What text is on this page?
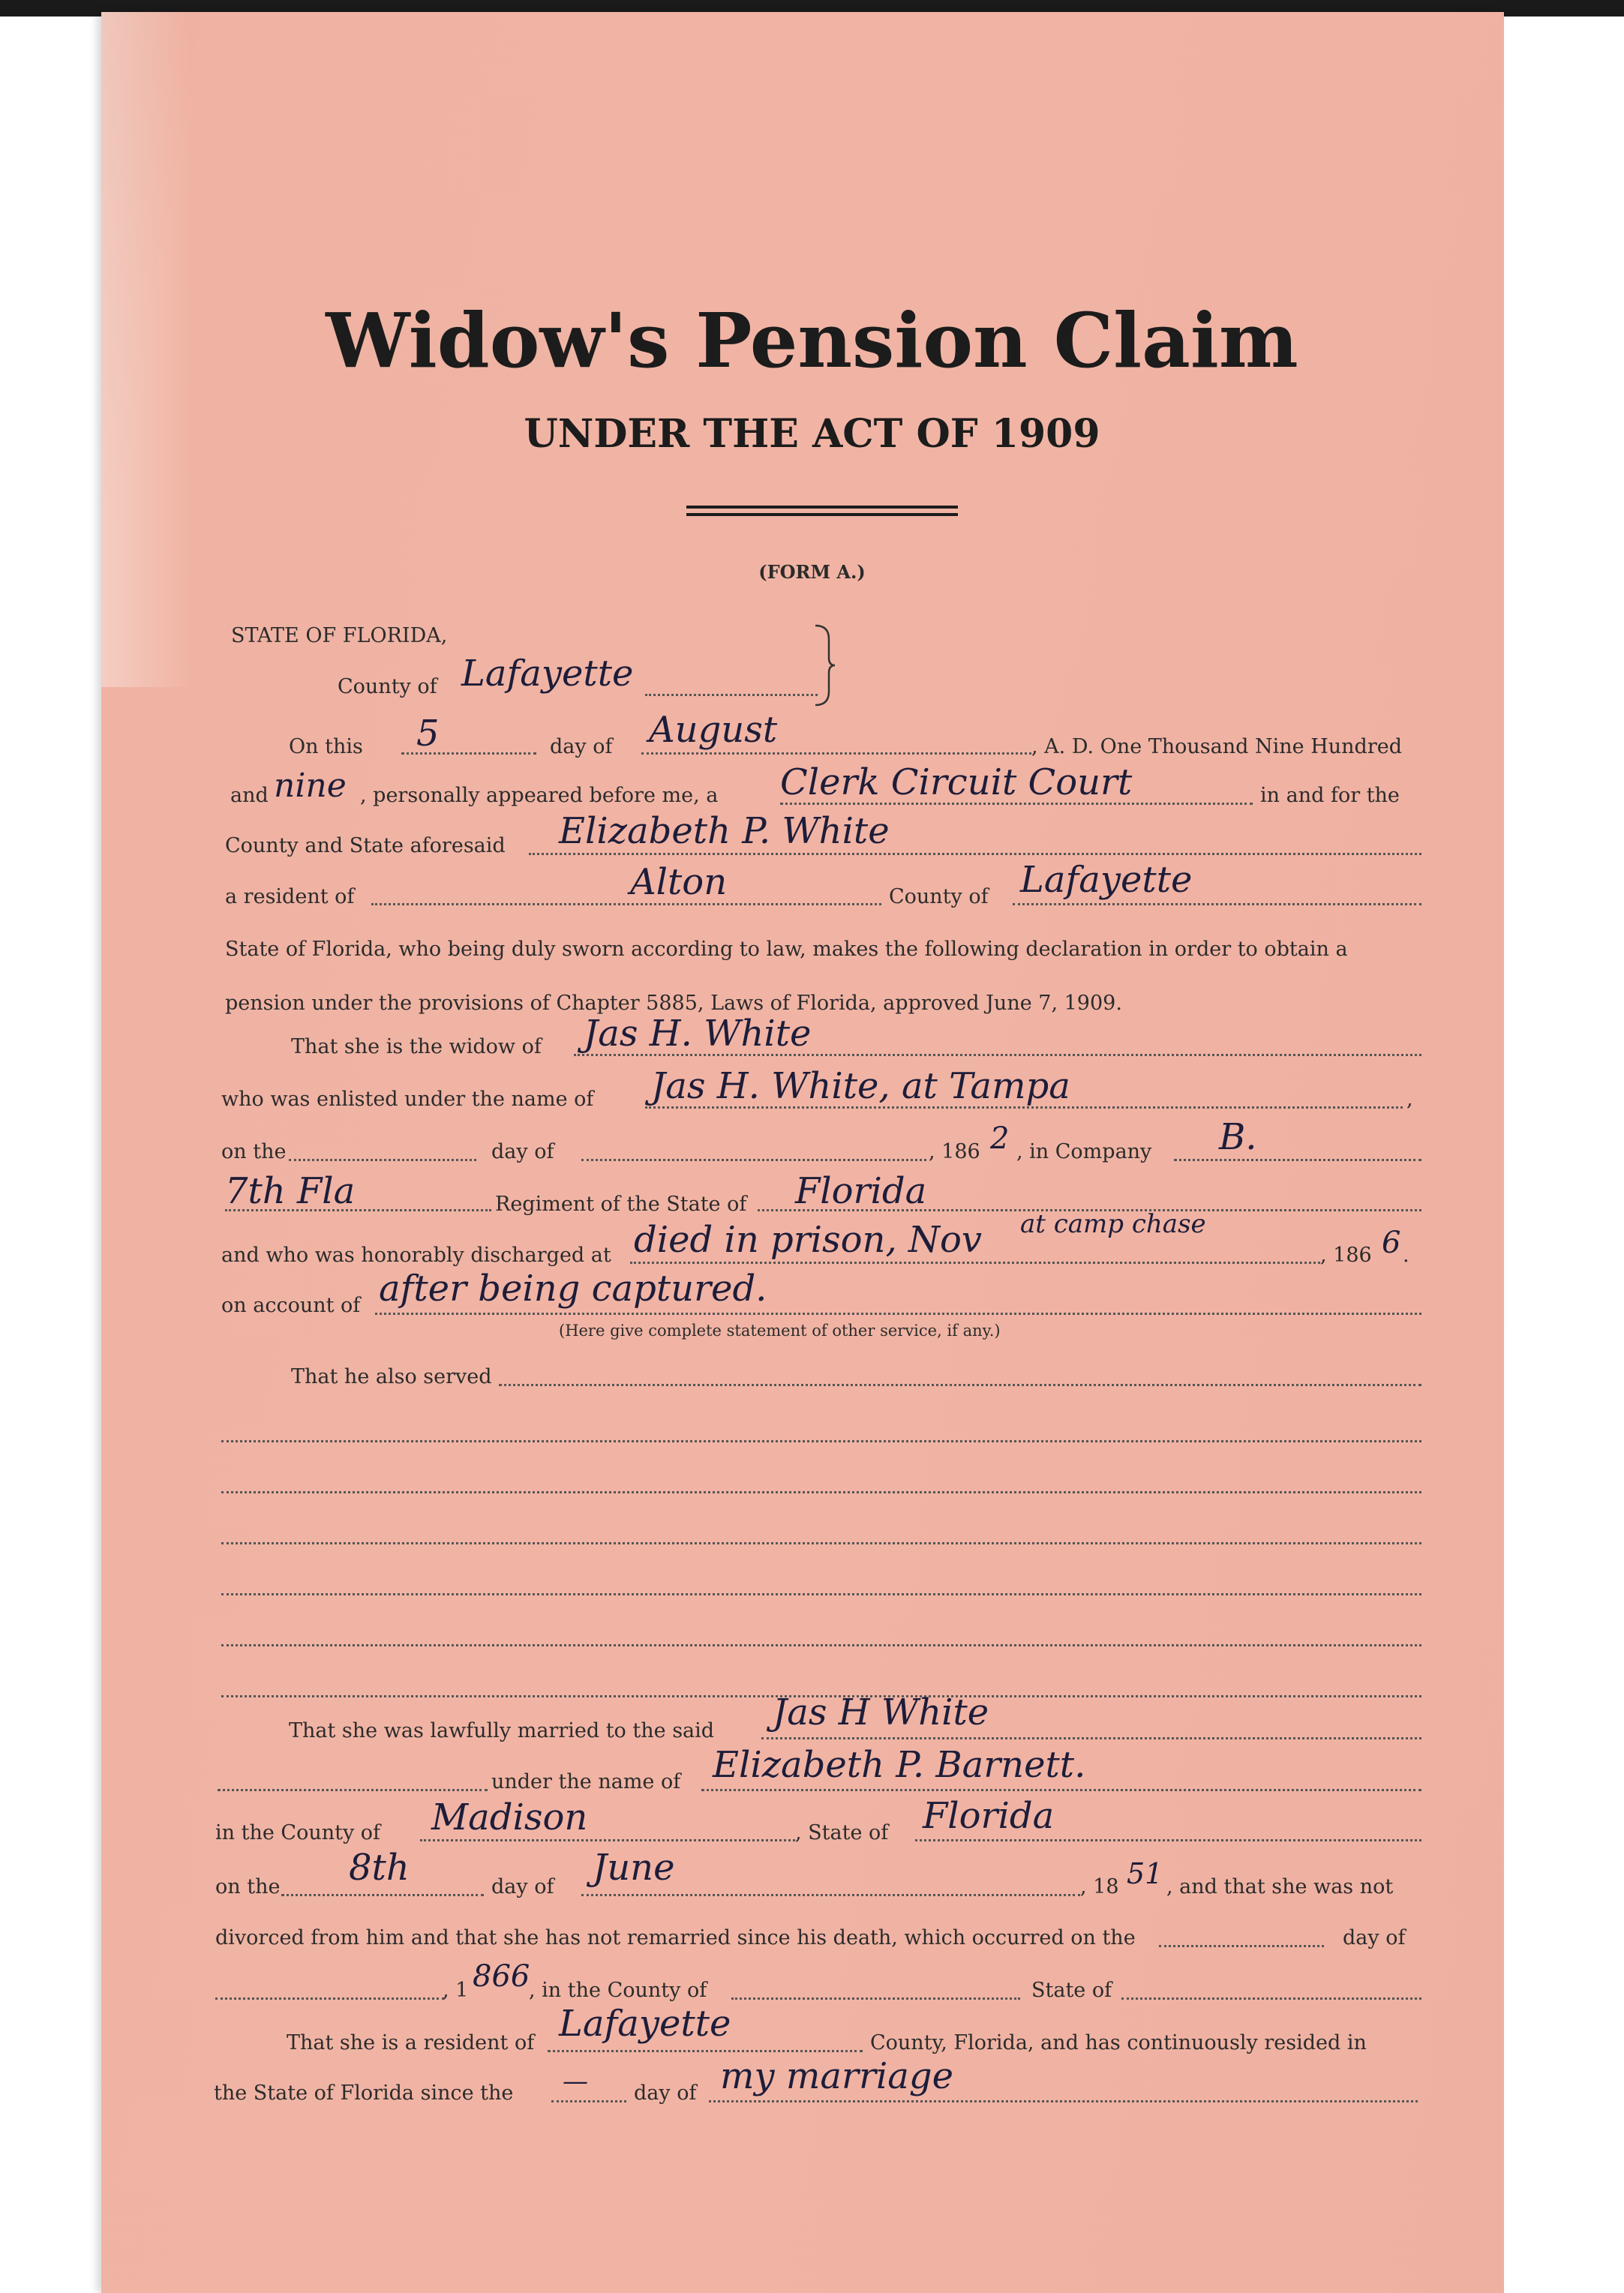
Widow's Pension Claim
UNDER THE ACT OF 1909
(FORM A.)
STATE OF FLORIDA,
County of Lafayette
On this 5	day of August	, A. D. One Thousand Nine Hundred
and nine , personally appeared before me, a Clerk Circuit Court	in and for the
County and State aforesaid Elizabeth P. White
a resident of	Alton	County of Lafayette
State of Florida, who being duly sworn according to law, makes the following declaration in order to obtain a
pension under the provisions of Chapter 5885, Laws of Florida, approved June 7, 1909.
That she is the widow of Jas H. White
who was enlisted under the name of Jas H. White, at Tampa	,
on the	day of	, 186 2 , in Company B.
7th Fla	Regiment of the State of Florida
at camp chase
and who was honorably discharged at died in prison, Nov	, 186 6 .
on account of after being captured.
(Here give complete statement of other service, if any.)
That he also served
That she was lawfully married to the said Jas H White
under the name of Elizabeth P. Barnett.
in the County of Madison	, State of Florida
on the 8th	day of June	, 18 51 , and that she was not
divorced from him and that she has not remarried since his death, which occurred on the	day of
, 1 866
, in the County of	State of
That she is a resident of Lafayette	County, Florida, and has continuously resided in
the State of Florida since the — day of my marriage
